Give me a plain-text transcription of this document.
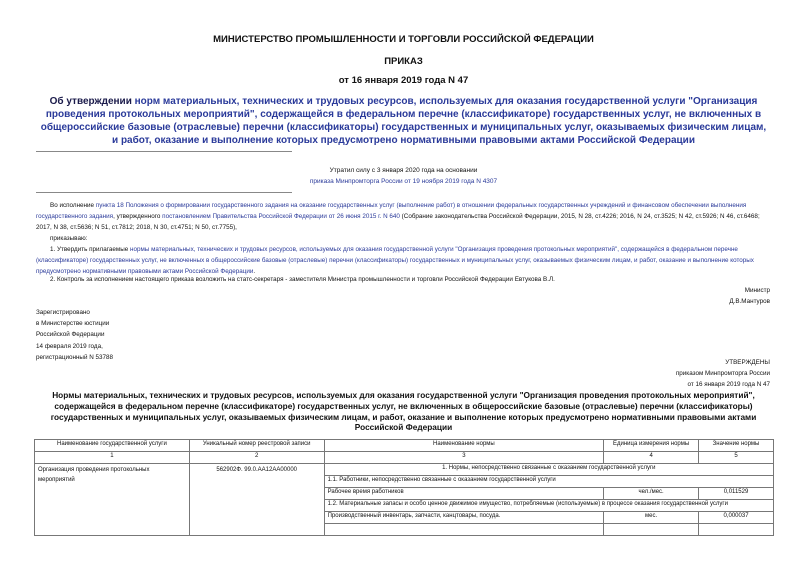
МИНИСТЕРСТВО ПРОМЫШЛЕННОСТИ И ТОРГОВЛИ РОССИЙСКОЙ ФЕДЕРАЦИИ
ПРИКАЗ
от 16 января 2019 года N 47
Об утверждении норм материальных, технических и трудовых ресурсов, используемых для оказания государственной услуги "Организация проведения протокольных мероприятий", содержащейся в федеральном перечне (классификаторе) государственных услуг, не включенных в общероссийские базовые (отраслевые) перечни (классификаторы) государственных и муниципальных услуг, оказываемых физическим лицам, и работ, оказание и выполнение которых предусмотрено нормативными правовыми актами Российской Федерации
Утратил силу с 3 января 2020 года на основании
приказа Минпромторга России от 19 ноября 2019 года N 4307
Во исполнение пункта 18 Положения о формировании государственного задания на оказание государственных услуг (выполнение работ) в отношении федеральных государственных учреждений и финансовом обеспечении выполнения государственного задания, утвержденного постановлением Правительства Российской Федерации от 26 июня 2015 г. N 640 (Собрание законодательства Российской Федерации, 2015, N 28, ст.4226; 2016, N 24, ст.3525; N 42, ст.5926; N 46, ст.6468; 2017, N 38, ст.5636; N 51, ст.7812; 2018, N 30, ст.4751; N 50, ст.7755),
приказываю:
1. Утвердить прилагаемые нормы материальных, технических и трудовых ресурсов, используемых для оказания государственной услуги "Организация проведения протокольных мероприятий", содержащейся в федеральном перечне (классификаторе) государственных услуг, не включенных в общероссийские базовые (отраслевые) перечни (классификаторы) государственных и муниципальных услуг, оказываемых физическим лицам, и работ, оказание и выполнение которых предусмотрено нормативными правовыми актами Российской Федерации.
2. Контроль за исполнением настоящего приказа возложить на статс-секретаря - заместителя Министра промышленности и торговли Российской Федерации Евтукова В.Л.
Министр
Д.В.Мантуров
Зарегистрировано
в Министерстве юстиции
Российской Федерации
14 февраля 2019 года,
регистрационный N 53788
УТВЕРЖДЕНЫ
приказом Минпромторга России
от 16 января 2019 года N 47
Нормы материальных, технических и трудовых ресурсов, используемых для оказания государственной услуги "Организация проведения протокольных мероприятий", содержащейся в федеральном перечне (классификаторе) государственных услуг, не включенных в общероссийские базовые (отраслевые) перечни (классификаторы) государственных и муниципальных услуг, оказываемых физическим лицам, и работ, оказание и выполнение которых предусмотрено нормативными правовыми актами Российской Федерации
Наименование государственной услуги	Уникальный номер реестровой записи	Наименование нормы	Единица измерения нормы	Значение нормы
1	2	3	4	5
Организация проведения протокольных мероприятий	562902Ф. 99.0.АА12АА00000	1. Нормы, непосредственно связанные с оказанием государственной услуги		
		1.1. Работники, непосредственно связанные с оказанием государственной услуги		
		Рабочее время работников	чел./мес.	0,011529
		1.2. Материальные запасы и особо ценное движимое имущество, потребляемые (используемые) в процессе оказания государственной услуги		
		Производственный инвентарь, запчасти, канцтовары, посуда.	мес.	0,000037
